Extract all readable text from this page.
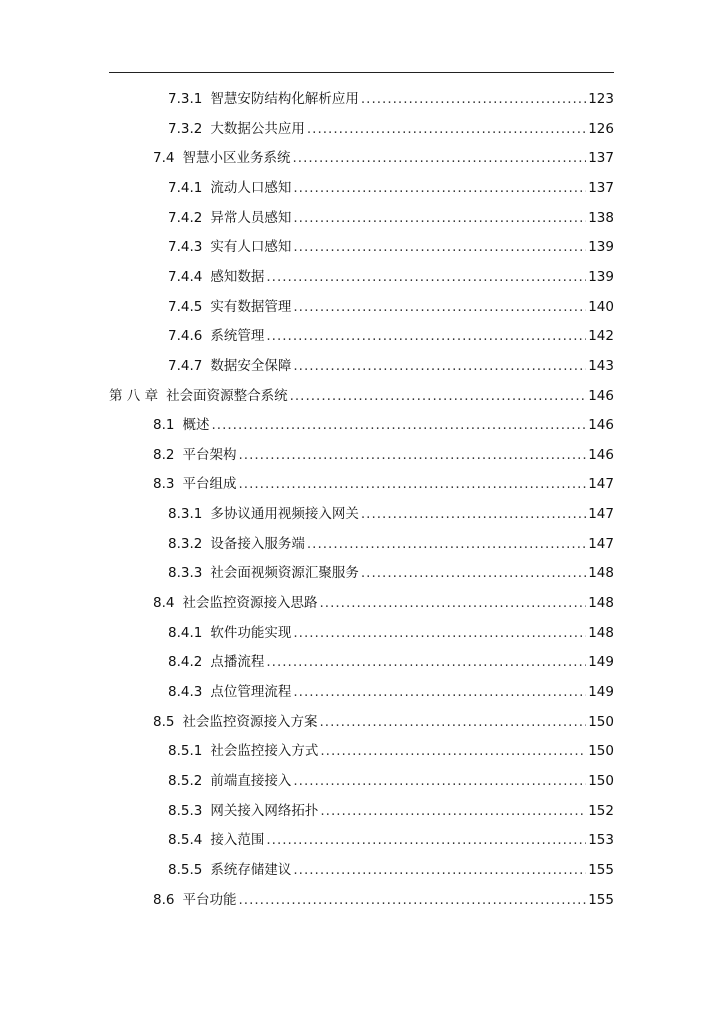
7.3.1 智慧安防结构化解析应用 .....	123
7.3.2 大数据公共应用 .....	126
7.4 智慧小区业务系统 .....	137
7.4.1 流动人口感知 .....	137
7.4.2 异常人员感知 .....	138
7.4.3 实有人口感知 .....	139
7.4.4 感知数据 .....	139
7.4.5 实有数据管理 .....	140
7.4.6 系统管理 .....	142
7.4.7 数据安全保障 .....	143
第 八 章 社会面资源整合系统 .....	146
8.1 概述 .....	146
8.2 平台架构 .....	146
8.3 平台组成 .....	147
8.3.1 多协议通用视频接入网关 .....	147
8.3.2 设备接入服务端 .....	147
8.3.3 社会面视频资源汇聚服务 .....	148
8.4 社会监控资源接入思路 .....	148
8.4.1 软件功能实现 .....	148
8.4.2 点播流程 .....	149
8.4.3 点位管理流程 .....	149
8.5 社会监控资源接入方案 .....	150
8.5.1 社会监控接入方式 .....	150
8.5.2 前端直接接入 .....	150
8.5.3 网关接入网络拓扑 .....	152
8.5.4 接入范围 .....	153
8.5.5 系统存储建议 .....	155
8.6 平台功能 .....	155
